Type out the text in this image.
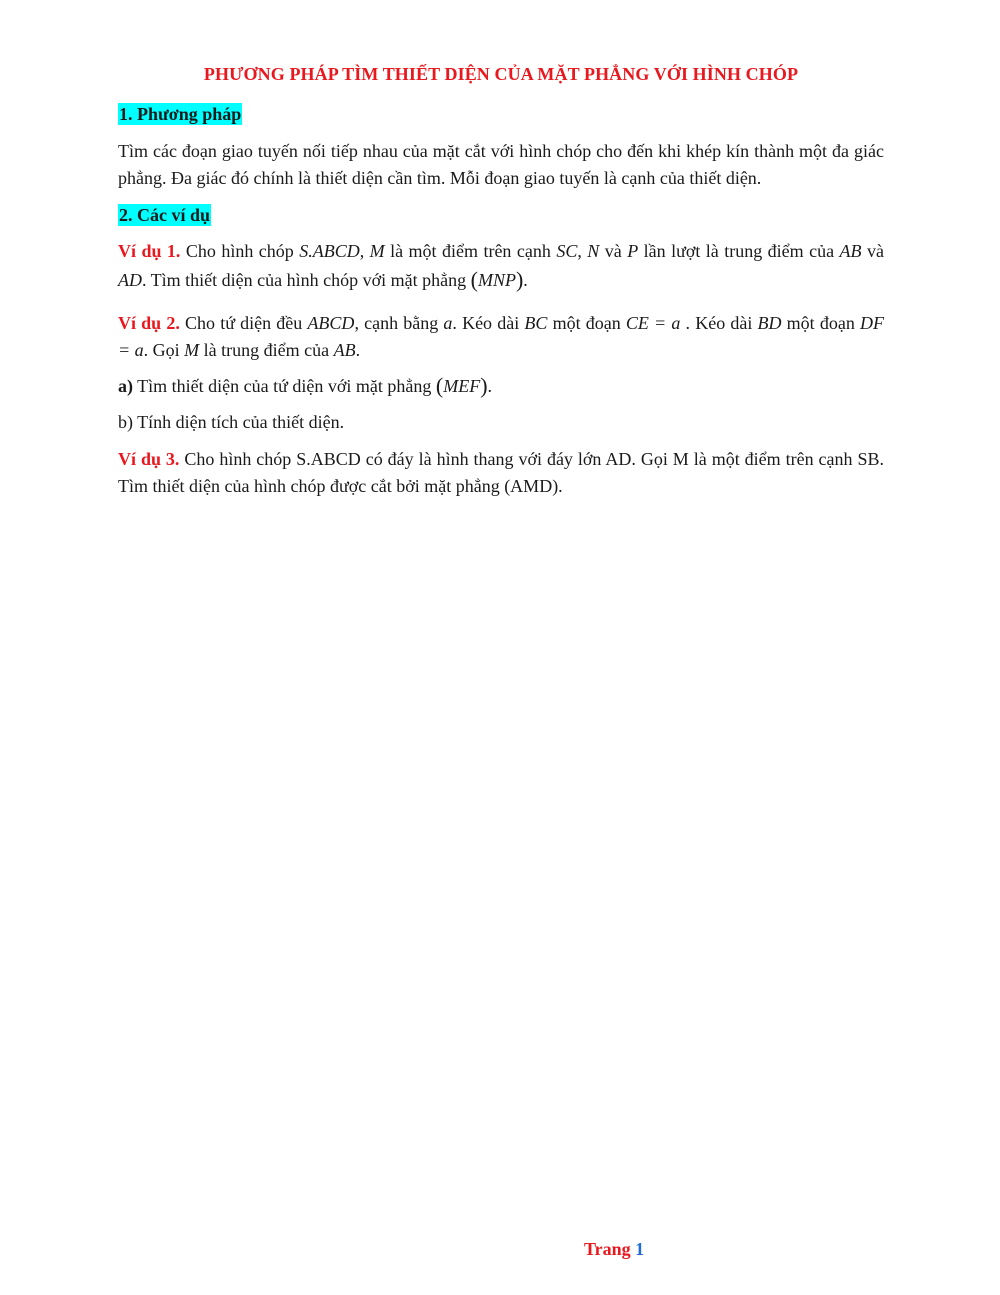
PHƯƠNG PHÁP TÌM THIẾT DIỆN CỦA MẶT PHẲNG VỚI HÌNH CHÓP
1. Phương pháp
Tìm các đoạn giao tuyến nối tiếp nhau của mặt cắt với hình chóp cho đến khi khép kín thành một đa giác phẳng. Đa giác đó chính là thiết diện cần tìm. Mỗi đoạn giao tuyến là cạnh của thiết diện.
2. Các ví dụ
Ví dụ 1. Cho hình chóp S.ABCD, M là một điểm trên cạnh SC, N và P lần lượt là trung điểm của AB và AD. Tìm thiết diện của hình chóp với mặt phẳng (MNP).
Ví dụ 2. Cho tứ diện đều ABCD, cạnh bằng a. Kéo dài BC một đoạn CE = a . Kéo dài BD một đoạn DF = a. Gọi M là trung điểm của AB.
a) Tìm thiết diện của tứ diện với mặt phẳng (MEF).
b) Tính diện tích của thiết diện.
Ví dụ 3. Cho hình chóp S.ABCD có đáy là hình thang với đáy lớn AD. Gọi M là một điểm trên cạnh SB. Tìm thiết diện của hình chóp được cắt bởi mặt phẳng (AMD).
Trang 1
